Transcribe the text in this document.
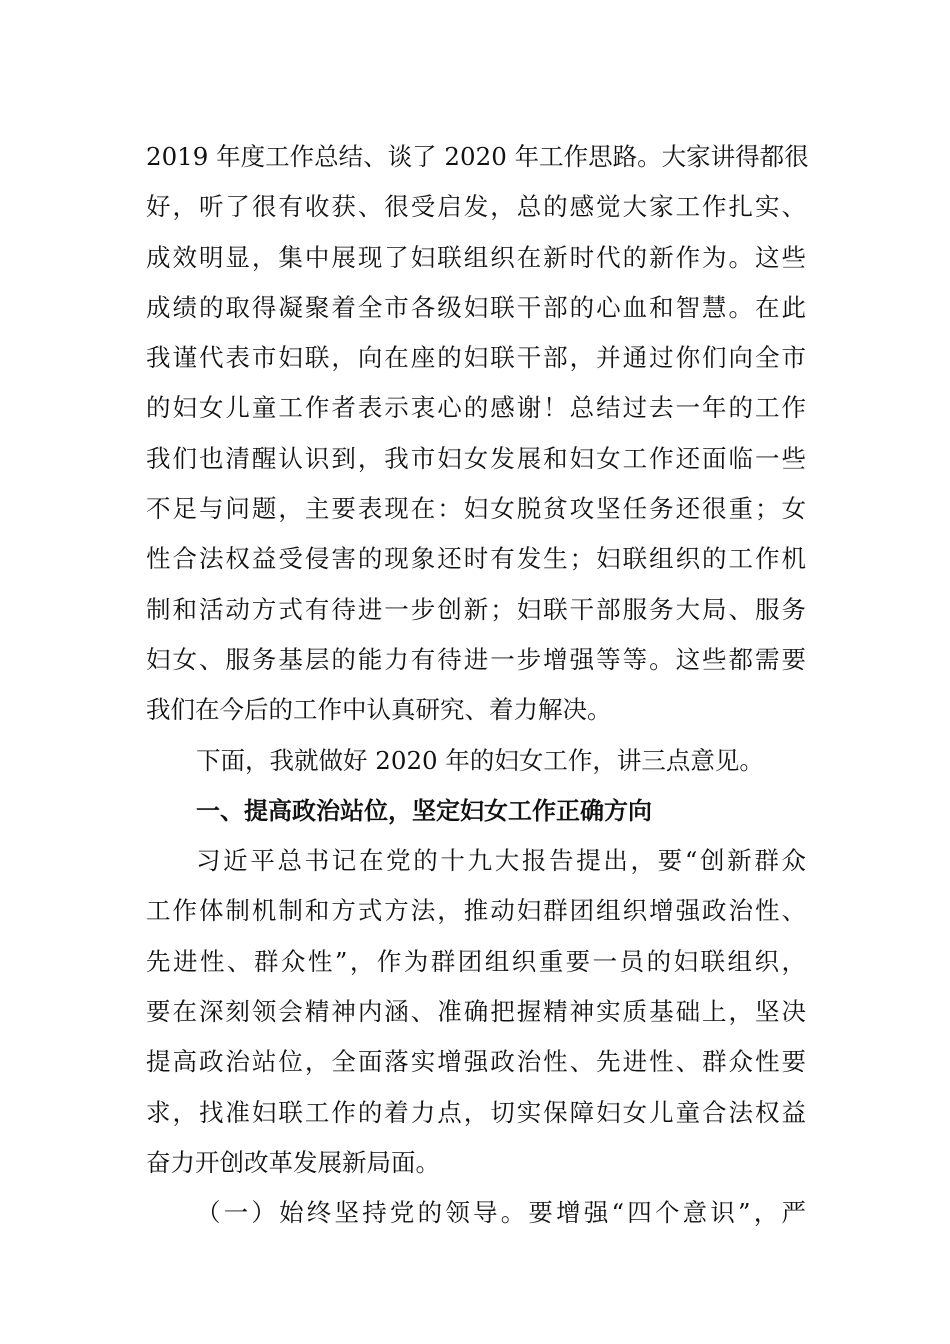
2019 年度工作总结、谈了 2020 年工作思路。大家讲得都很
好，听了很有收获、很受启发，总的感觉大家工作扎实、
成效明显，集中展现了妇联组织在新时代的新作为。这些
成绩的取得凝聚着全市各级妇联干部的心血和智慧。在此
我谨代表市妇联，向在座的妇联干部，并通过你们向全市
的妇女儿童工作者表示衷心的感谢！总结过去一年的工作
我们也清醒认识到，我市妇女发展和妇女工作还面临一些
不足与问题，主要表现在：妇女脱贫攻坚任务还很重；女
性合法权益受侵害的现象还时有发生；妇联组织的工作机
制和活动方式有待进一步创新；妇联干部服务大局、服务
妇女、服务基层的能力有待进一步增强等等。这些都需要
我们在今后的工作中认真研究、着力解决。
下面，我就做好 2020 年的妇女工作，讲三点意见。
一、提高政治站位，坚定妇女工作正确方向
习近平总书记在党的十九大报告提出，要“创新群众
工作体制机制和方式方法，推动妇群团组织增强政治性、
先进性、群众性”，作为群团组织重要一员的妇联组织，
要在深刻领会精神内涵、准确把握精神实质基础上，坚决
提高政治站位，全面落实增强政治性、先进性、群众性要
求，找准妇联工作的着力点，切实保障妇女儿童合法权益
奋力开创改革发展新局面。
（一）始终坚持党的领导。要增强“四个意识”，严
